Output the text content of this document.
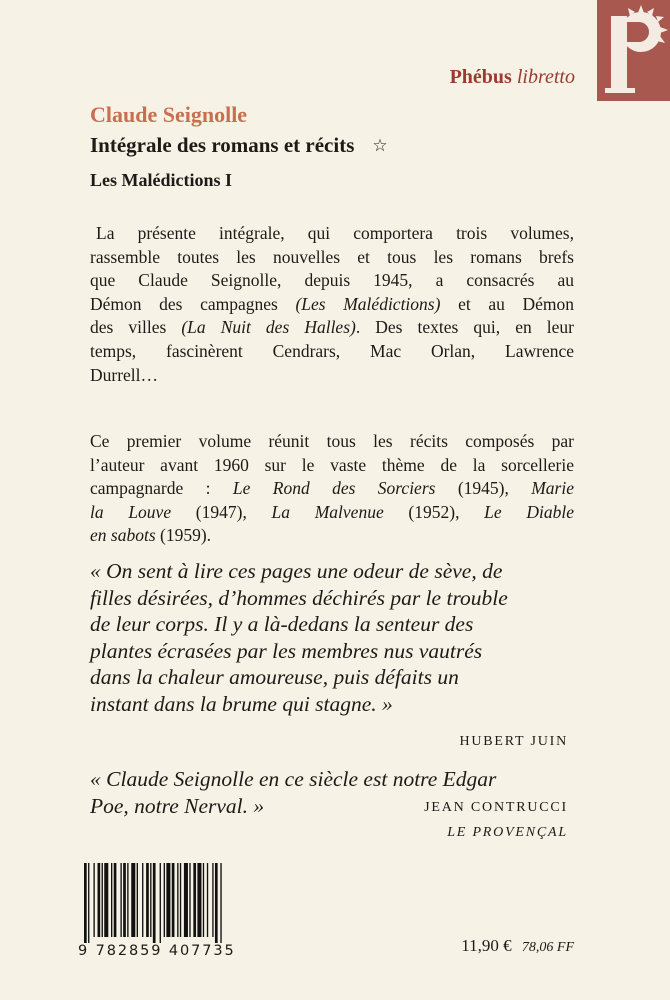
Phébus libretto
Claude Seignolle
Intégrale des romans et récits ☆
Les Malédictions I

La présente intégrale, qui comportera trois volumes,
rassemble toutes les nouvelles et tous les romans brefs
que Claude Seignolle, depuis 1945, a consacrés au
Démon des campagnes (Les Malédictions) et au Démon
des villes (La Nuit des Halles). Des textes qui, en leur
temps, fascinèrent Cendrars, Mac Orlan, Lawrence
Durrell…

Ce premier volume réunit tous les récits composés par
l’auteur avant 1960 sur le vaste thème de la sorcellerie
campagnarde : Le Rond des Sorciers (1945), Marie
la Louve (1947), La Malvenue (1952), Le Diable
en sabots (1959).

« On sent à lire ces pages une odeur de sève, de
filles désirées, d’hommes déchirés par le trouble
de leur corps. Il y a là-dedans la senteur des
plantes écrasées par les membres nus vautrés
dans la chaleur amoureuse, puis défaits un
instant dans la brume qui stagne. »

HUBERT JUIN

« Claude Seignolle en ce siècle est notre Edgar
Poe, notre Nerval. »	JEAN CONTRUCCI
LE PROVENÇAL
9 782859 407735	11,90 € 78,06 FF
